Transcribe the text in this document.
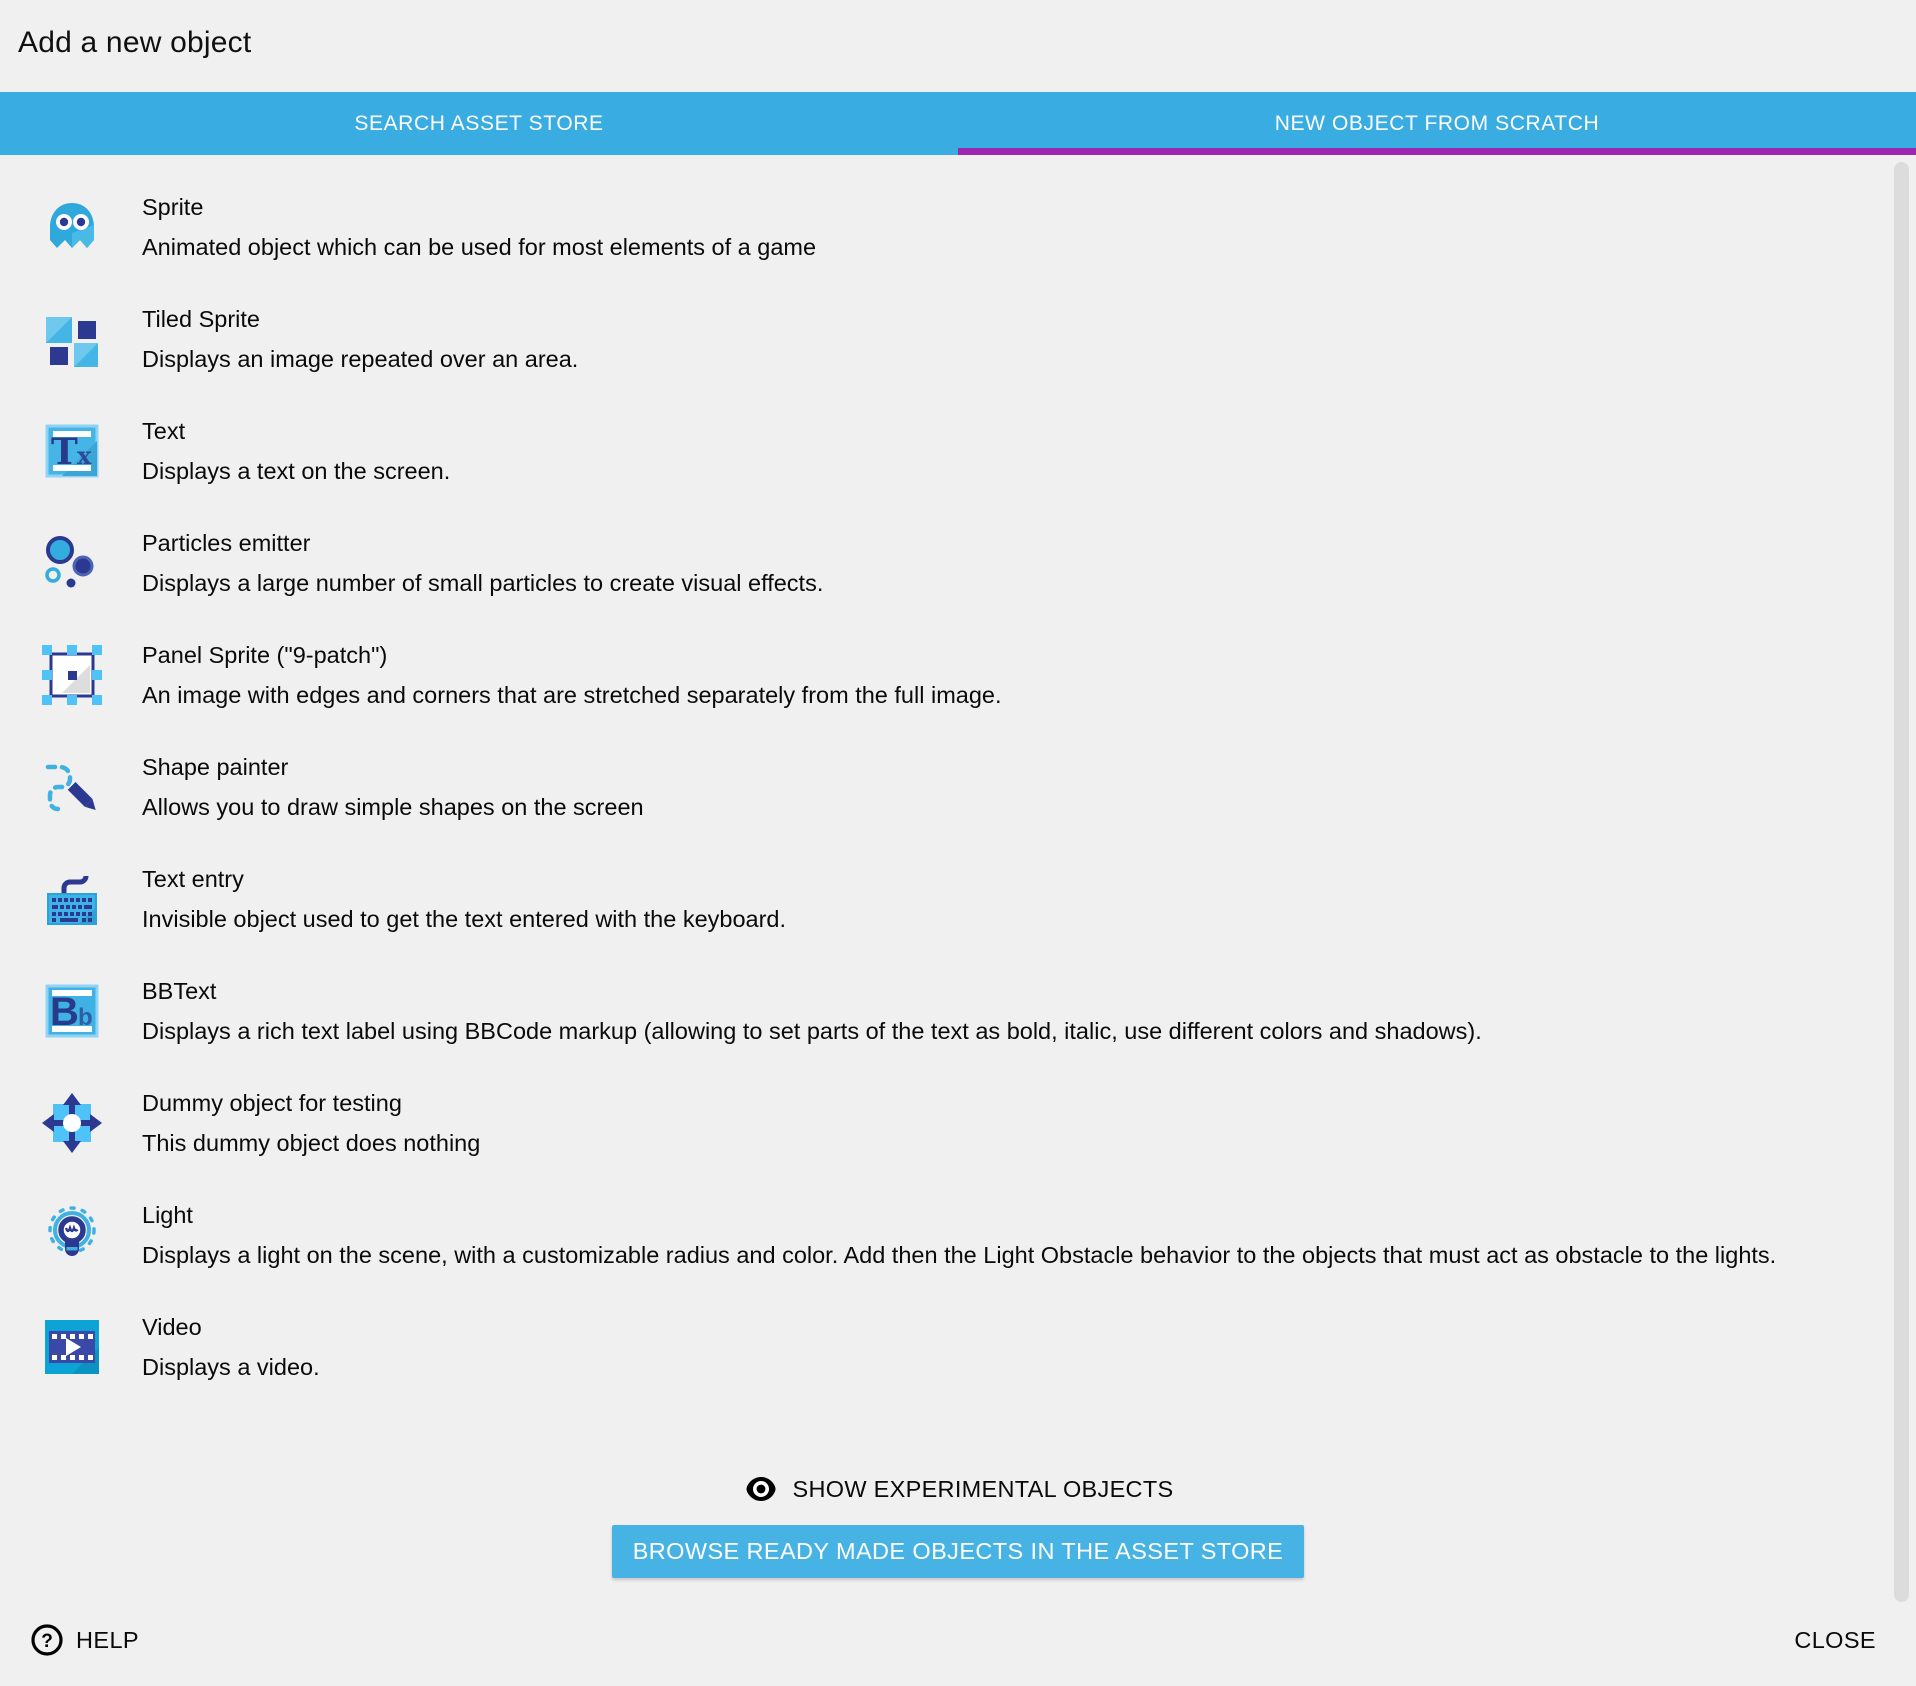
Add a new object
SEARCH ASSET STORE	NEW OBJECT FROM SCRATCH
Sprite
Animated object which can be used for most elements of a game
Tiled Sprite
Displays an image repeated over an area.
T x
Text
Displays a text on the screen.
Particles emitter
Displays a large number of small particles to create visual effects.
Panel Sprite ("9-patch")
An image with edges and corners that are stretched separately from the full image.
Shape painter
Allows you to draw simple shapes on the screen
Text entry
Invisible object used to get the text entered with the keyboard.
B b
BBText
Displays a rich text label using BBCode markup (allowing to set parts of the text as bold, italic, use different colors and shadows).
Dummy object for testing
This dummy object does nothing
Light
Displays a light on the scene, with a customizable radius and color. Add then the Light Obstacle behavior to the objects that must act as obstacle to the lights.
Video
Displays a video.
SHOW EXPERIMENTAL OBJECTS
BROWSE READY MADE OBJECTS IN THE ASSET STORE
? HELP	CLOSE
